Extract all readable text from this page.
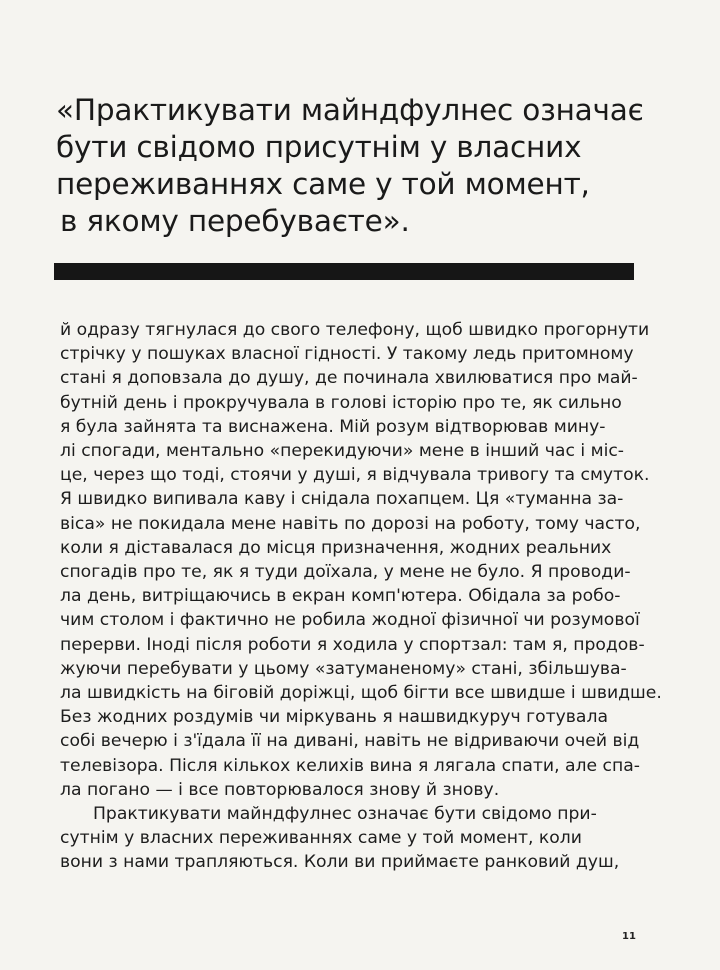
«Практикувати майндфулнес означає
бути свідомо присутнім у власних
переживаннях саме у той момент,
в якому перебуваєте».
й одразу тягнулася до свого телефону, щоб швидко прогорнути
стрічку у пошуках власної гідності. У такому ледь притомному
стані я доповзала до душу, де починала хвилюватися про май-
бутній день і прокручувала в голові історію про те, як сильно
я була зайнята та виснажена. Мій розум відтворював мину-
лі спогади, ментально «перекидуючи» мене в інший час і міс-
це, через що тоді, стоячи у душі, я відчувала тривогу та смуток.
Я швидко випивала каву і снідала похапцем. Ця «туманна за-
віса» не покидала мене навіть по дорозі на роботу, тому часто,
коли я діставалася до місця призначення, жодних реальних
спогадів про те, як я туди доїхала, у мене не було. Я проводи-
ла день, витріщаючись в екран комп'ютера. Обідала за робо-
чим столом і фактично не робила жодної фізичної чи розумової
перерви. Іноді після роботи я ходила у спортзал: там я, продов-
жуючи перебувати у цьому «затуманеному» стані, збільшува-
ла швидкість на біговій доріжці, щоб бігти все швидше і швидше.
Без жодних роздумів чи міркувань я нашвидкуруч готувала
собі вечерю і з'їдала її на дивані, навіть не відриваючи очей від
телевізора. Після кількох келихів вина я лягала спати, але спа-
ла погано — і все повторювалося знову й знову.
Практикувати майндфулнес означає бути свідомо при-
сутнім у власних переживаннях саме у той момент, коли
вони з нами трапляються. Коли ви приймаєте ранковий душ,
11
